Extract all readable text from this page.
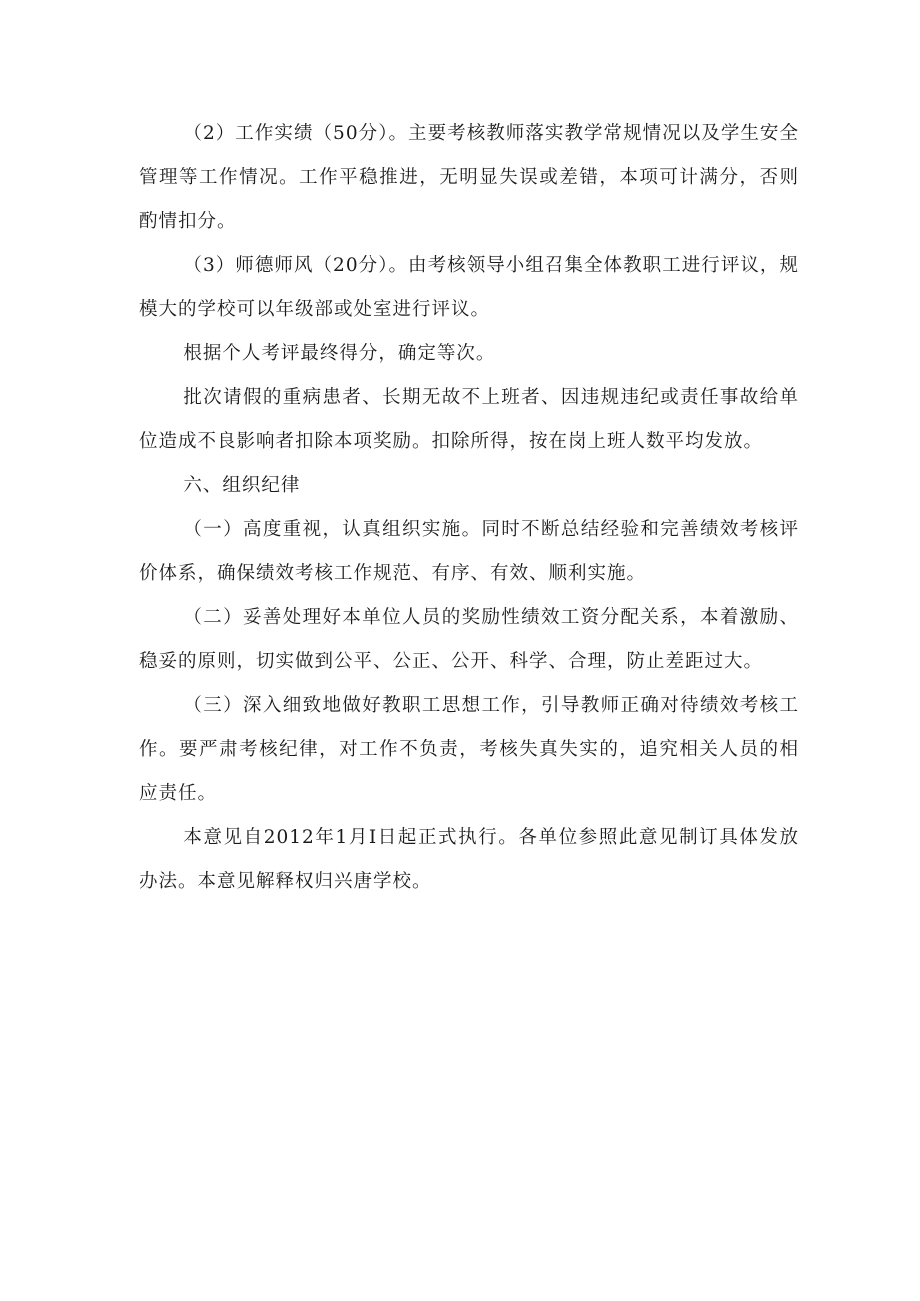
（2）工作实绩（50分）。主要考核教师落实教学常规情况以及学生安全管理等工作情况。工作平稳推进，无明显失误或差错，本项可计满分，否则酌情扣分。

（3）师德师风（20分）。由考核领导小组召集全体教职工进行评议，规模大的学校可以年级部或处室进行评议。

根据个人考评最终得分，确定等次。

批次请假的重病患者、长期无故不上班者、因违规违纪或责任事故给单位造成不良影响者扣除本项奖励。扣除所得，按在岗上班人数平均发放。

六、组织纪律

（一）高度重视，认真组织实施。同时不断总结经验和完善绩效考核评价体系，确保绩效考核工作规范、有序、有效、顺利实施。

（二）妥善处理好本单位人员的奖励性绩效工资分配关系，本着激励、稳妥的原则，切实做到公平、公正、公开、科学、合理，防止差距过大。

（三）深入细致地做好教职工思想工作，引导教师正确对待绩效考核工作。要严肃考核纪律，对工作不负责，考核失真失实的，追究相关人员的相应责任。

本意见自2012年1月I日起正式执行。各单位参照此意见制订具体发放办法。本意见解释权归兴唐学校。
